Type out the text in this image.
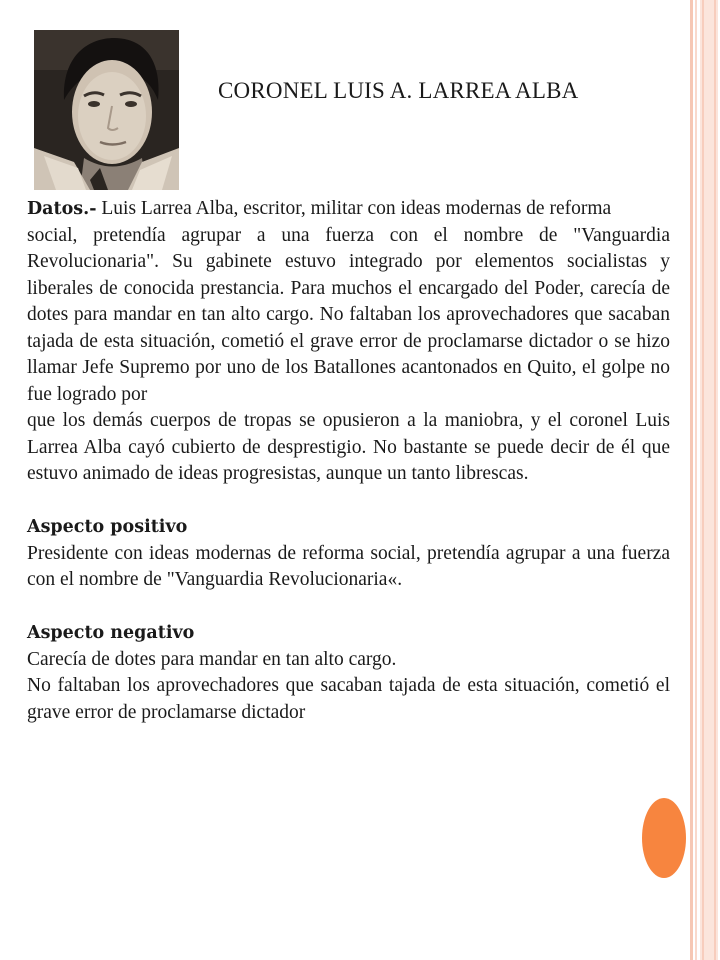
CORONEL LUIS A. LARREA ALBA

Datos.- Luis Larrea Alba, escritor, militar con ideas modernas de reforma

social, pretendía agrupar a una fuerza con el nombre de "Vanguardia Revolucionaria". Su gabinete estuvo integrado por elementos socialistas y liberales de conocida prestancia. Para muchos el encargado del Poder, carecía de dotes para mandar en tan alto cargo. No faltaban los aprovechadores que sacaban tajada de esta situación, cometió el grave error de proclamarse dictador o se hizo llamar Jefe Supremo por uno de los Batallones acantonados en Quito, el golpe no fue logrado por

que los demás cuerpos de tropas se opusieron a la maniobra, y el coronel Luis Larrea Alba cayó cubierto de desprestigio. No bastante se puede decir de él que estuvo animado de ideas progresistas, aunque un tanto librescas.

Aspecto positivo

Presidente con ideas modernas de reforma social, pretendía agrupar a una fuerza con el nombre de "Vanguardia Revolucionaria«.

Aspecto negativo

Carecía de dotes para mandar en tan alto cargo.

No faltaban los aprovechadores que sacaban tajada de esta situación, cometió el grave error de proclamarse dictador
